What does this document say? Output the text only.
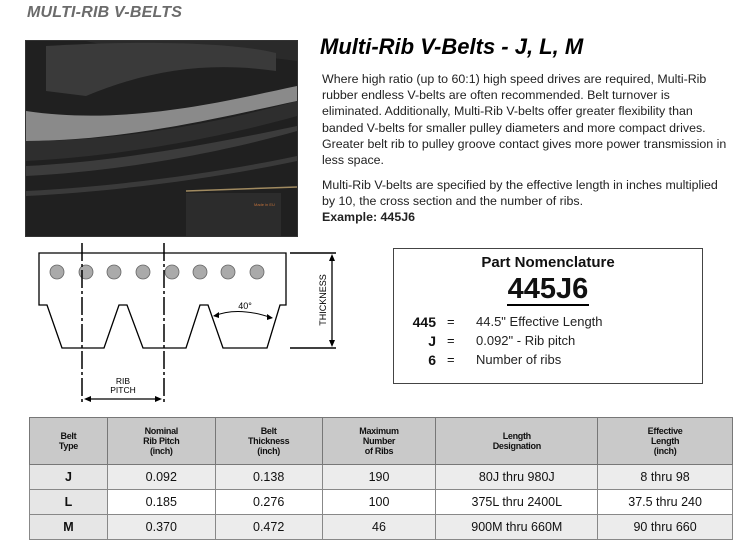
MULTI-RIB V-BELTS
Made in EU
Multi-Rib V-Belts - J, L, M
Where high ratio (up to 60:1) high speed drives are required, Multi-Rib rubber endless V-belts are often recommended. Belt turnover is eliminated. Additionally, Multi-Rib V-belts offer greater flexibility than banded V-belts for smaller pulley diameters and more compact drives. Greater belt rib to pulley groove contact gives more power transmission in less space.
Multi-Rib V-belts are specified by the effective length in inches multiplied by 10, the cross section and the number of ribs.
Example: 445J6
THICKNESS
40°
RIB
PITCH
Part Nomenclature
445J6
445 = 44.5" Effective Length
J = 0.092" - Rib pitch
6 = Number of ribs
Belt
Type	Nominal
Rib Pitch
(inch)	Belt
Thickness
(inch)	Maximum
Number
of Ribs	Length
Designation	Effective
Length
(inch)
J	0.092	0.138	190	80J thru 980J	8 thru 98
L	0.185	0.276	100	375L thru 2400L	37.5 thru 240
M	0.370	0.472	46	900M thru 660M	90 thru 660
